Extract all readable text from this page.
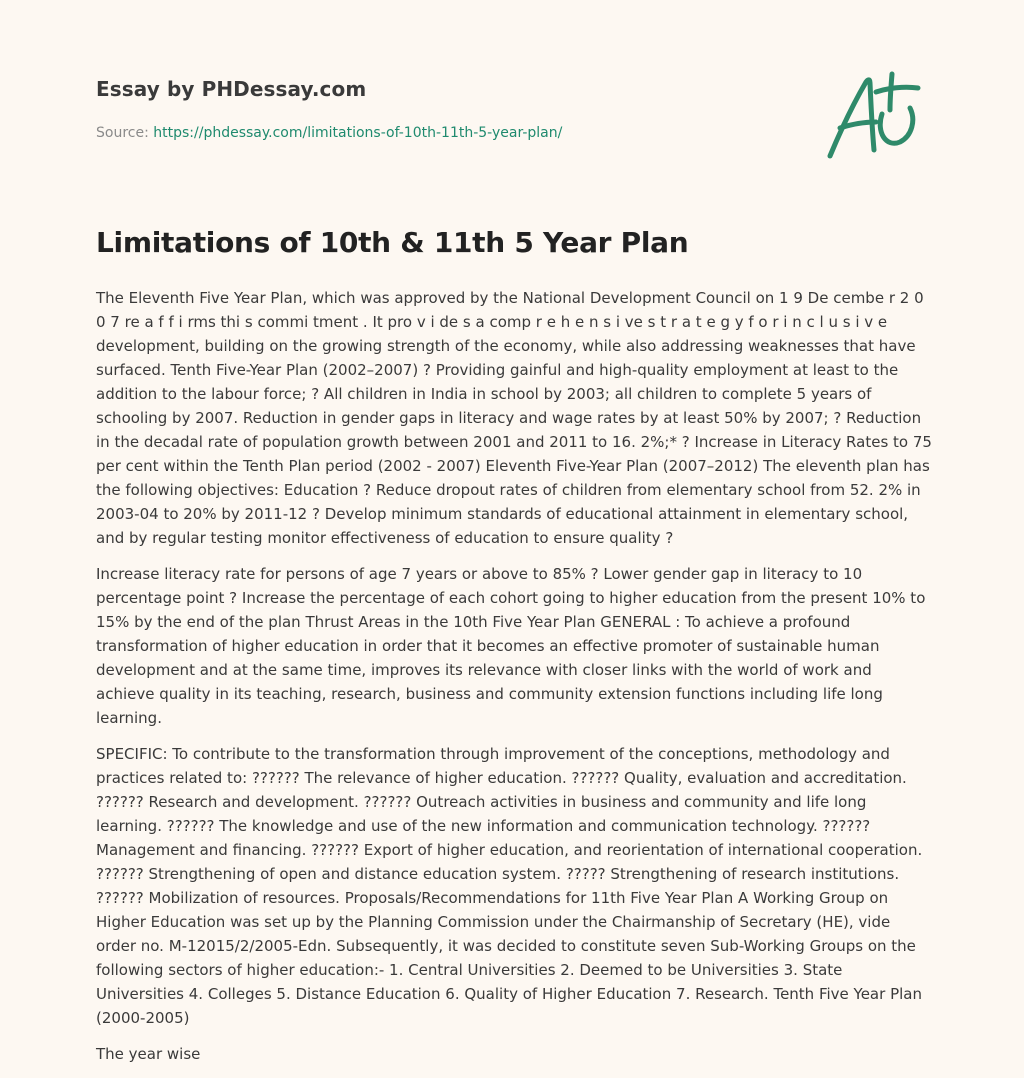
Essay by PHDessay.com
Source: https://phdessay.com/limitations-of-10th-11th-5-year-plan/
Limitations of 10th & 11th 5 Year Plan

The Eleventh Five Year Plan, which was approved by the National Development Council on 1 9 De cembe r 2 0 0 7 re a f f i rms thi s commi tment . It pro v i de s a comp r e h e n s i ve s t r a t e g y f o r i n c l u s i v e development, building on the growing strength of the economy, while also addressing weaknesses that have surfaced. Tenth Five-Year Plan (2002–2007) ? Providing gainful and high-quality employment at least to the addition to the labour force; ? All children in India in school by 2003; all children to complete 5 years of schooling by 2007. Reduction in gender gaps in literacy and wage rates by at least 50% by 2007; ? Reduction in the decadal rate of population growth between 2001 and 2011 to 16. 2%;* ? Increase in Literacy Rates to 75 per cent within the Tenth Plan period (2002 - 2007) Eleventh Five-Year Plan (2007–2012) The eleventh plan has the following objectives: Education ? Reduce dropout rates of children from elementary school from 52. 2% in 2003-04 to 20% by 2011-12 ? Develop minimum standards of educational attainment in elementary school, and by regular testing monitor effectiveness of education to ensure quality ?

Increase literacy rate for persons of age 7 years or above to 85% ? Lower gender gap in literacy to 10 percentage point ? Increase the percentage of each cohort going to higher education from the present 10% to 15% by the end of the plan Thrust Areas in the 10th Five Year Plan GENERAL : To achieve a profound transformation of higher education in order that it becomes an effective promoter of sustainable human development and at the same time, improves its relevance with closer links with the world of work and achieve quality in its teaching, research, business and community extension functions including life long learning.

SPECIFIC: To contribute to the transformation through improvement of the conceptions, methodology and practices related to: ?????? The relevance of higher education. ?????? Quality, evaluation and accreditation. ?????? Research and development. ?????? Outreach activities in business and community and life long learning. ?????? The knowledge and use of the new information and communication technology. ?????? Management and financing. ?????? Export of higher education, and reorientation of international cooperation. ?????? Strengthening of open and distance education system. ????? Strengthening of research institutions. ?????? Mobilization of resources. Proposals/Recommendations for 11th Five Year Plan A Working Group on Higher Education was set up by the Planning Commission under the Chairmanship of Secretary (HE), vide order no. M-12015/2/2005-Edn. Subsequently, it was decided to constitute seven Sub-Working Groups on the following sectors of higher education:- 1. Central Universities 2. Deemed to be Universities 3. State Universities 4. Colleges 5. Distance Education 6. Quality of Higher Education 7. Research. Tenth Five Year Plan (2000-2005)

The year wise
